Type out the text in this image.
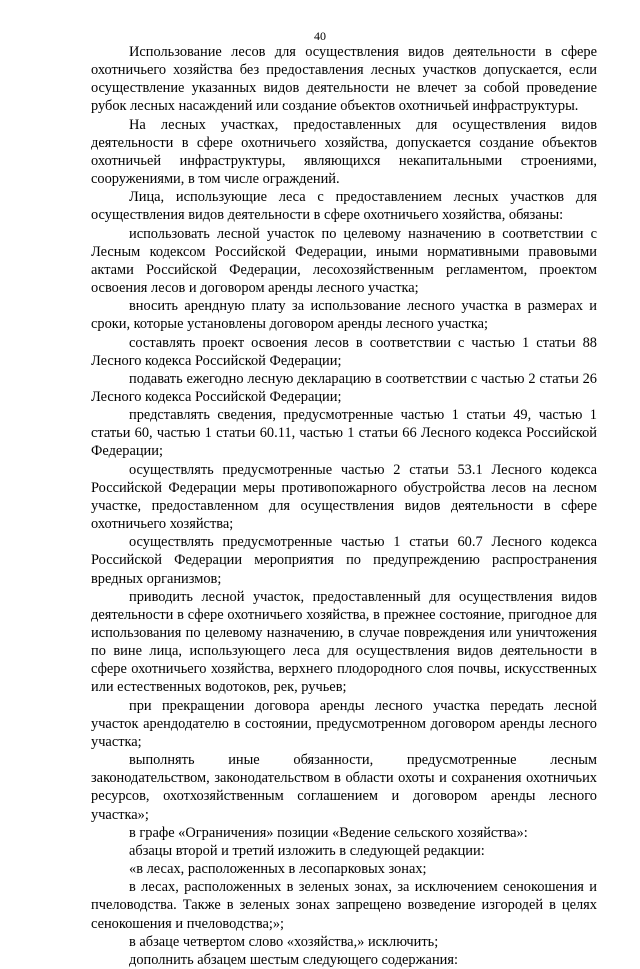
40

Использование лесов для осуществления видов деятельности в сфере охотничьего хозяйства без предоставления лесных участков допускается, если осуществление указанных видов деятельности не влечет за собой проведение рубок лесных насаждений или создание объектов охотничьей инфраструктуры.

На лесных участках, предоставленных для осуществления видов деятельности в сфере охотничьего хозяйства, допускается создание объектов охотничьей инфраструктуры, являющихся некапитальными строениями, сооружениями, в том числе ограждений.

Лица, использующие леса с предоставлением лесных участков для осуществления видов деятельности в сфере охотничьего хозяйства, обязаны:

использовать лесной участок по целевому назначению в соответствии с Лесным кодексом Российской Федерации, иными нормативными правовыми актами Российской Федерации, лесохозяйственным регламентом, проектом освоения лесов и договором аренды лесного участка;

вносить арендную плату за использование лесного участка в размерах и сроки, которые установлены договором аренды лесного участка;

составлять проект освоения лесов в соответствии с частью 1 статьи 88 Лесного кодекса Российской Федерации;

подавать ежегодно лесную декларацию в соответствии с частью 2 статьи 26 Лесного кодекса Российской Федерации;

представлять сведения, предусмотренные частью 1 статьи 49, частью 1 статьи 60, частью 1 статьи 60.11, частью 1 статьи 66 Лесного кодекса Российской Федерации;

осуществлять предусмотренные частью 2 статьи 53.1 Лесного кодекса Российской Федерации меры противопожарного обустройства лесов на лесном участке, предоставленном для осуществления видов деятельности в сфере охотничьего хозяйства;

осуществлять предусмотренные частью 1 статьи 60.7 Лесного кодекса Российской Федерации мероприятия по предупреждению распространения вредных организмов;

приводить лесной участок, предоставленный для осуществления видов деятельности в сфере охотничьего хозяйства, в прежнее состояние, пригодное для использования по целевому назначению, в случае повреждения или уничтожения по вине лица, использующего леса для осуществления видов деятельности в сфере охотничьего хозяйства, верхнего плодородного слоя почвы, искусственных или естественных водотоков, рек, ручьев;

при прекращении договора аренды лесного участка передать лесной участок арендодателю в состоянии, предусмотренном договором аренды лесного участка;

выполнять иные обязанности, предусмотренные лесным законодательством, законодательством в области охоты и сохранения охотничьих ресурсов, охотхозяйственным соглашением и договором аренды лесного участка»;

в графе «Ограничения» позиции «Ведение сельского хозяйства»:

абзацы второй и третий изложить в следующей редакции:

«в лесах, расположенных в лесопарковых зонах;

в лесах, расположенных в зеленых зонах, за исключением сенокошения и пчеловодства. Также в зеленых зонах запрещено возведение изгородей в целях сенокошения и пчеловодства;»;

в абзаце четвертом слово «хозяйства,» исключить;

дополнить абзацем шестым следующего содержания:
